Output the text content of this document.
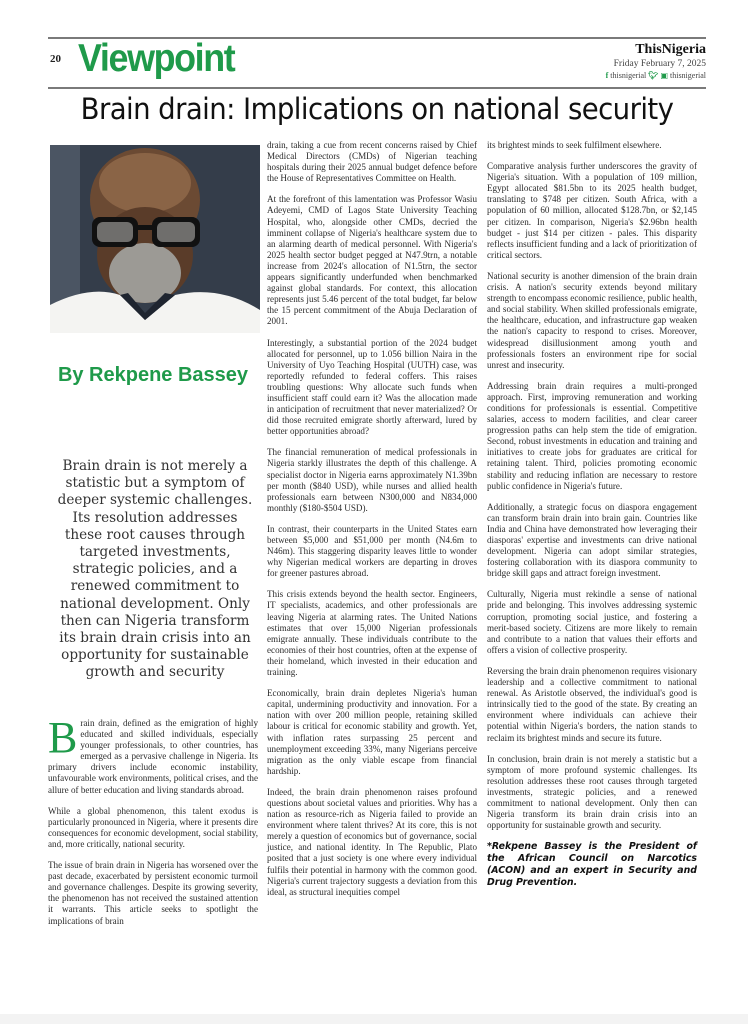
20 Viewpoint	ThisNigeria
Friday February 7, 2025
f thisnigerial 🐦︎ ▣ thisnigerial
Brain drain: Implications on national security
By Rekpene Bassey
Brain drain is not merely a statistic but a symptom of deeper systemic challenges. Its resolution addresses these root causes through targeted investments, strategic policies, and a renewed commitment to national development. Only then can Nigeria transform its brain drain crisis into an opportunity for sustainable growth and security

Brain drain, defined as the emigration of highly educated and skilled individuals, especially younger professionals, to other countries, has emerged as a pervasive challenge in Nigeria. Its primary drivers include economic instability, unfavourable work environments, political crises, and the allure of better education and living standards abroad.

While a global phenomenon, this talent exodus is particularly pronounced in Nigeria, where it presents dire consequences for economic development, social stability, and, more critically, national security.

The issue of brain drain in Nigeria has worsened over the past decade, exacerbated by persistent economic turmoil and governance challenges. Despite its growing severity, the phenomenon has not received the sustained attention it warrants. This article seeks to spotlight the implications of brain

drain, taking a cue from recent concerns raised by Chief Medical Directors (CMDs) of Nigerian teaching hospitals during their 2025 annual budget defence before the House of Representatives Committee on Health.

At the forefront of this lamentation was Professor Wasiu Adeyemi, CMD of Lagos State University Teaching Hospital, who, alongside other CMDs, decried the imminent collapse of Nigeria's healthcare system due to an alarming dearth of medical personnel. With Nigeria's 2025 health sector budget pegged at N47.9trn, a notable increase from 2024's allocation of N1.5trn, the sector appears significantly underfunded when benchmarked against global standards. For context, this allocation represents just 5.46 percent of the total budget, far below the 15 percent commitment of the Abuja Declaration of 2001.

Interestingly, a substantial portion of the 2024 budget allocated for personnel, up to 1.056 billion Naira in the University of Uyo Teaching Hospital (UUTH) case, was reportedly refunded to federal coffers. This raises troubling questions: Why allocate such funds when insufficient staff could earn it? Was the allocation made in anticipation of recruitment that never materialized? Or did those recruited emigrate shortly afterward, lured by better opportunities abroad?

The financial remuneration of medical professionals in Nigeria starkly illustrates the depth of this challenge. A specialist doctor in Nigeria earns approximately N1.39bn per month ($840 USD), while nurses and allied health professionals earn between N300,000 and N834,000 monthly ($180-$504 USD).

In contrast, their counterparts in the United States earn between $5,000 and $51,000 per month (N4.6m to N46m). This staggering disparity leaves little to wonder why Nigerian medical workers are departing in droves for greener pastures abroad.

This crisis extends beyond the health sector. Engineers, IT specialists, academics, and other professionals are leaving Nigeria at alarming rates. The United Nations estimates that over 15,000 Nigerian professionals emigrate annually. These individuals contribute to the economies of their host countries, often at the expense of their homeland, which invested in their education and training.

Economically, brain drain depletes Nigeria's human capital, undermining productivity and innovation. For a nation with over 200 million people, retaining skilled labour is critical for economic stability and growth. Yet, with inflation rates surpassing 25 percent and unemployment exceeding 33%, many Nigerians perceive migration as the only viable escape from financial hardship.

Indeed, the brain drain phenomenon raises profound questions about societal values and priorities. Why has a nation as resource-rich as Nigeria failed to provide an environment where talent thrives? At its core, this is not merely a question of economics but of governance, social justice, and national identity. In The Republic, Plato posited that a just society is one where every individual fulfils their potential in harmony with the common good. Nigeria's current trajectory suggests a deviation from this ideal, as structural inequities compel

its brightest minds to seek fulfilment elsewhere.

Comparative analysis further underscores the gravity of Nigeria's situation. With a population of 109 million, Egypt allocated $81.5bn to its 2025 health budget, translating to $748 per citizen. South Africa, with a population of 60 million, allocated $128.7bn, or $2,145 per citizen. In comparison, Nigeria's $2.96bn health budget - just $14 per citizen - pales. This disparity reflects insufficient funding and a lack of prioritization of critical sectors.

National security is another dimension of the brain drain crisis. A nation's security extends beyond military strength to encompass economic resilience, public health, and social stability. When skilled professionals emigrate, the healthcare, education, and infrastructure gap weaken the nation's capacity to respond to crises. Moreover, widespread disillusionment among youth and professionals fosters an environment ripe for social unrest and insecurity.

Addressing brain drain requires a multi-pronged approach. First, improving remuneration and working conditions for professionals is essential. Competitive salaries, access to modern facilities, and clear career progression paths can help stem the tide of emigration. Second, robust investments in education and training and initiatives to create jobs for graduates are critical for retaining talent. Third, policies promoting economic stability and reducing inflation are necessary to restore public confidence in Nigeria's future.

Additionally, a strategic focus on diaspora engagement can transform brain drain into brain gain. Countries like India and China have demonstrated how leveraging their diasporas' expertise and investments can drive national development. Nigeria can adopt similar strategies, fostering collaboration with its diaspora community to bridge skill gaps and attract foreign investment.

Culturally, Nigeria must rekindle a sense of national pride and belonging. This involves addressing systemic corruption, promoting social justice, and fostering a merit-based society. Citizens are more likely to remain and contribute to a nation that values their efforts and offers a vision of collective prosperity.

Reversing the brain drain phenomenon requires visionary leadership and a collective commitment to national renewal. As Aristotle observed, the individual's good is intrinsically tied to the good of the state. By creating an environment where individuals can achieve their potential within Nigeria's borders, the nation stands to reclaim its brightest minds and secure its future.

In conclusion, brain drain is not merely a statistic but a symptom of more profound systemic challenges. Its resolution addresses these root causes through targeted investments, strategic policies, and a renewed commitment to national development. Only then can Nigeria transform its brain drain crisis into an opportunity for sustainable growth and security.

*Rekpene Bassey is the President of the African Council on Narcotics (ACON) and an expert in Security and Drug Prevention.
